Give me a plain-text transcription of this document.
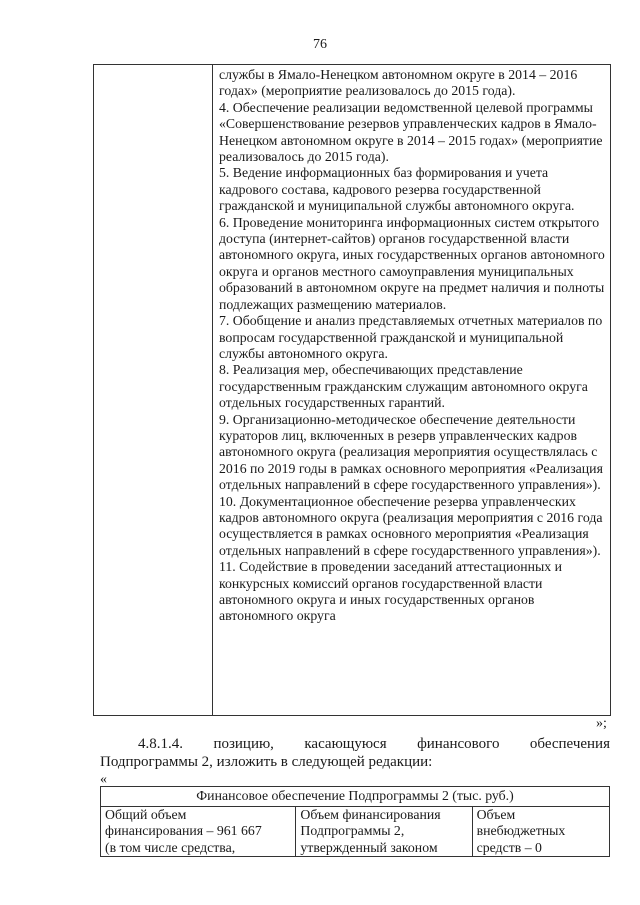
76
службы в Ямало-Ненецком автономном округе в 2014 – 2016 годах» (мероприятие реализовалось до 2015 года).
4. Обеспечение реализации ведомственной целевой программы «Совершенствование резервов управленческих кадров в Ямало-Ненецком автономном округе в 2014 – 2015 годах» (мероприятие реализовалось до 2015 года).
5. Ведение информационных баз формирования и учета кадрового состава, кадрового резерва государственной гражданской и муниципальной службы автономного округа.
6. Проведение мониторинга информационных систем открытого доступа (интернет-сайтов) органов государственной власти автономного округа, иных государственных органов автономного округа и органов местного самоуправления муниципальных образований в автономном округе на предмет наличия и полноты подлежащих размещению материалов.
7. Обобщение и анализ представляемых отчетных материалов по вопросам государственной гражданской и муниципальной службы автономного округа.
8. Реализация мер, обеспечивающих представление государственным гражданским служащим автономного округа отдельных государственных гарантий.
9. Организационно-методическое обеспечение деятельности кураторов лиц, включенных в резерв управленческих кадров автономного округа (реализация мероприятия осуществлялась с 2016 по 2019 годы в рамках основного мероприятия «Реализация отдельных направлений в сфере государственного управления»).
10. Документационное обеспечение резерва управленческих кадров автономного округа (реализация мероприятия с 2016 года осуществляется в рамках основного мероприятия «Реализация отдельных направлений в сфере государственного управления»).
11. Содействие в проведении заседаний аттестационных и конкурсных комиссий органов государственной власти автономного округа и иных государственных органов автономного округа
»;
4.8.1.4. позицию, касающуюся финансового обеспечения

Подпрограммы 2, изложить в следующей редакции:

«
Финансовое обеспечение Подпрограммы 2 (тыс. руб.)

Общий объем
финансирования – 961 667
(в том числе средства,

Объем финансирования
Подпрограммы 2,
утвержденный законом

Объем
внебюджетных
средств – 0
